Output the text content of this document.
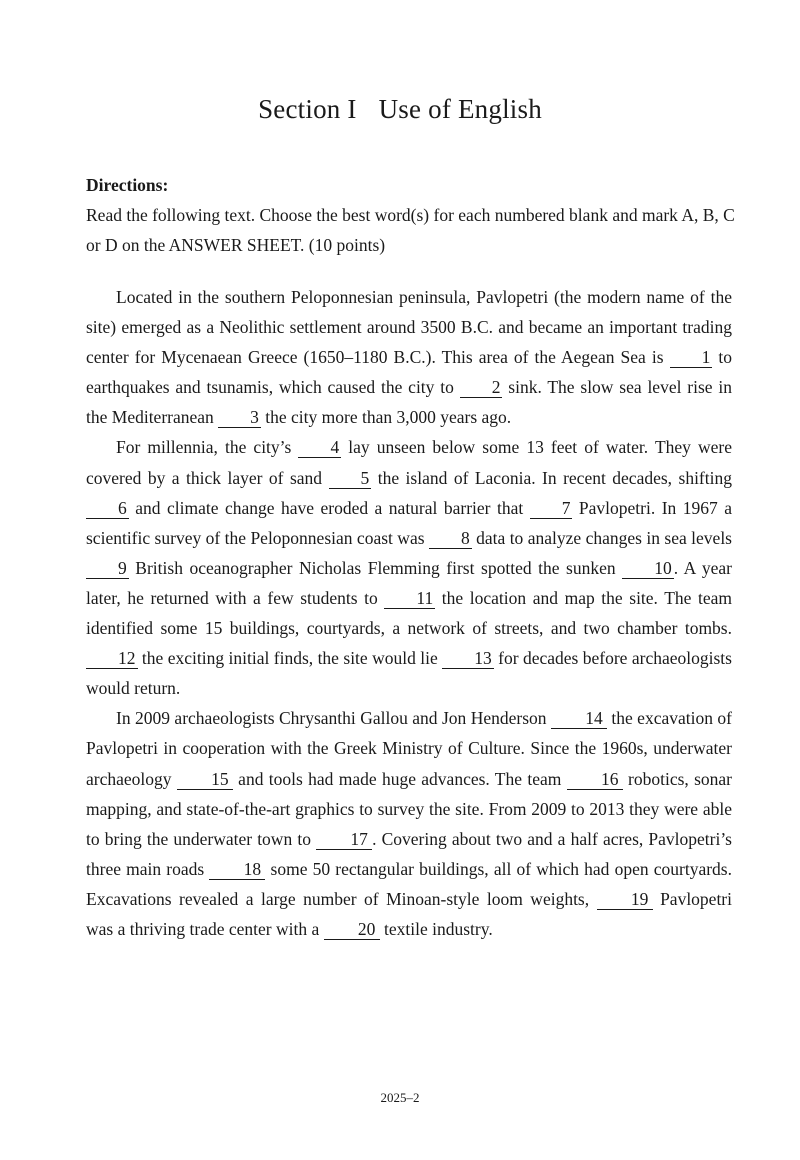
Section I Use of English
Directions:
Read the following text. Choose the best word(s) for each numbered blank and mark A, B, C or D on the ANSWER SHEET. (10 points)

Located in the southern Peloponnesian peninsula, Pavlopetri (the modern name of the site) emerged as a Neolithic settlement around 3500 B.C. and became an important trading center for Mycenaean Greece (1650–1180 B.C.). This area of the Aegean Sea is 1 to earthquakes and tsunamis, which caused the city to 2 sink. The slow sea level rise in the Mediterranean 3 the city more than 3,000 years ago.

For millennia, the city’s 4 lay unseen below some 13 feet of water. They were covered by a thick layer of sand 5 the island of Laconia. In recent decades, shifting 6 and climate change have eroded a natural barrier that 7 Pavlopetri. In 1967 a scientific survey of the Peloponnesian coast was 8 data to analyze changes in sea levels 9 British oceanographer Nicholas Flemming first spotted the sunken 10 . A year later, he returned with a few students to 11 the location and map the site. The team identified some 15 buildings, courtyards, a network of streets, and two chamber tombs. 12 the exciting initial finds, the site would lie 13 for decades before archaeologists would return.

In 2009 archaeologists Chrysanthi Gallou and Jon Henderson 14 the excavation of Pavlopetri in cooperation with the Greek Ministry of Culture. Since the 1960s, underwater archaeology 15 and tools had made huge advances. The team 16 robotics, sonar mapping, and state-of-the-art graphics to survey the site. From 2009 to 2013 they were able to bring the underwater town to 17 . Covering about two and a half acres, Pavlopetri’s three main roads 18 some 50 rectangular buildings, all of which had open courtyards. Excavations revealed a large number of Minoan-style loom weights, 19 Pavlopetri was a thriving trade center with a 20 textile industry.

2025–2
